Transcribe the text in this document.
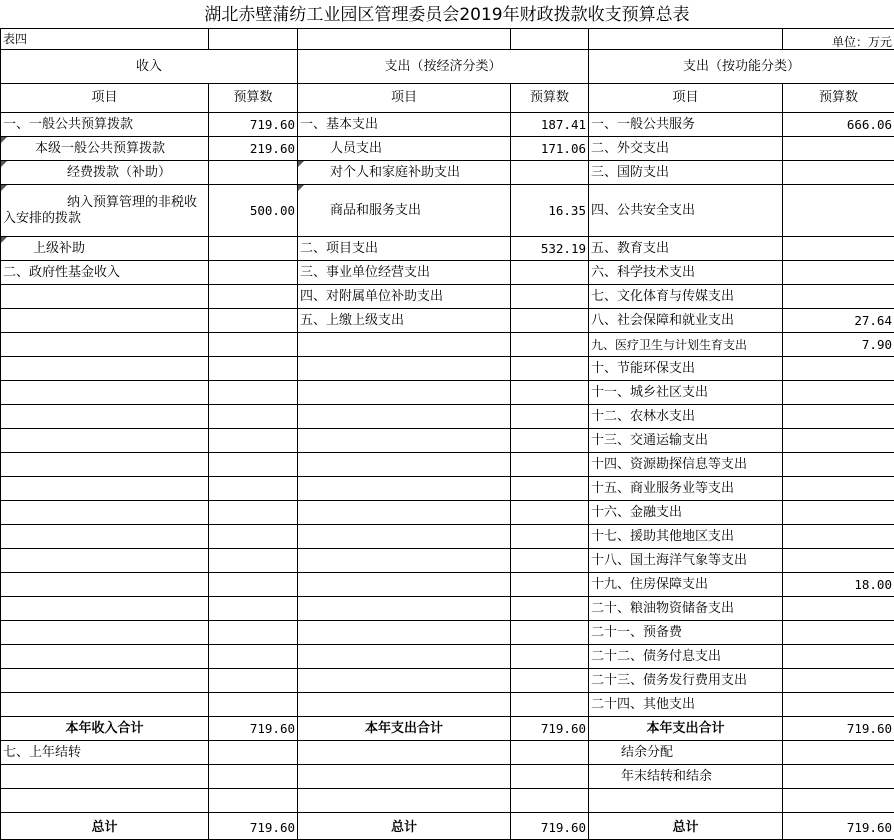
湖北赤壁蒲纺工业园区管理委员会2019年财政拨款收支预算总表
表四					单位：万元
收入		支出（按经济分类）		支出（按功能分类）	
项目	预算数	项目	预算数	项目	预算数
一、一般公共预算拨款	719.60	一、基本支出	187.41	一、一般公共服务	666.06
本级一般公共预算拨款	219.60	人员支出	171.06	二、外交支出	
经费拨款（补助）		对个人和家庭补助支出		三、国防支出	
纳入预算管理的非税收入安排的拨款	500.00	商品和服务支出	16.35	四、公共安全支出	
上级补助		二、项目支出	532.19	五、教育支出	
二、政府性基金收入		三、事业单位经营支出		六、科学技术支出	
		四、对附属单位补助支出		七、文化体育与传媒支出	
		五、上缴上级支出		八、社会保障和就业支出	27.64
				九、医疗卫生与计划生育支出	7.90
				十、节能环保支出	
				十一、城乡社区支出	
				十二、农林水支出	
				十三、交通运输支出	
				十四、资源勘探信息等支出	
				十五、商业服务业等支出	
				十六、金融支出	
				十七、援助其他地区支出	
				十八、国土海洋气象等支出	
				十九、住房保障支出	18.00
				二十、粮油物资储备支出	
				二十一、预备费	
				二十二、债务付息支出	
				二十三、债务发行费用支出	
				二十四、其他支出	
本年收入合计	719.60	本年支出合计	719.60	本年支出合计	719.60
七、上年结转				结余分配	
				年末结转和结余	

总计	719.60	总计	719.60	总计	719.60
